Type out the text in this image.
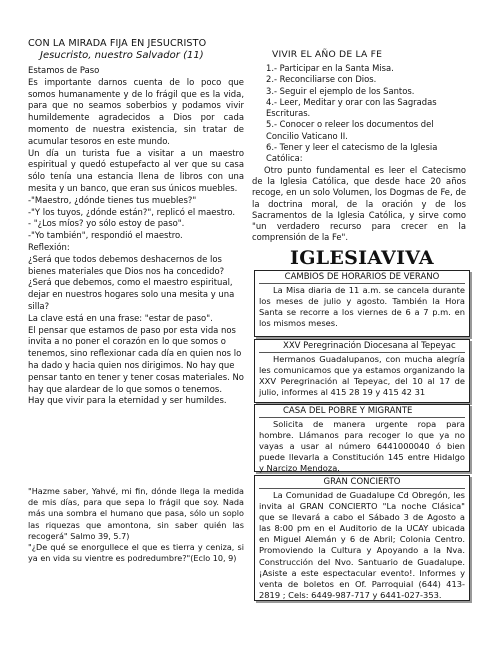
CON LA MIRADA FIJA EN JESUCRISTO
Jesucristo, nuestro Salvador (11)

Estamos de Paso

Es importante darnos cuenta de lo poco que somos humanamente y de lo frágil que es la vida, para que no seamos soberbios y podamos vivir humildemente agradecidos a Dios por cada momento de nuestra existencia, sin tratar de acumular tesoros en este mundo.

Un día un turista fue a visitar a un maestro espiritual y quedó estupefacto al ver que su casa sólo tenía una estancia llena de libros con una mesita y un banco, que eran sus únicos muebles.

-"Maestro, ¿dónde tienes tus muebles?"

-"Y los tuyos, ¿dónde están?", replicó el maestro.

- "¿Los míos? yo sólo estoy de paso".

-"Yo también", respondió el maestro.

Reflexión:

¿Será que todos debemos deshacernos de los bienes materiales que Dios nos ha concedido? ¿Será que debemos, como el maestro espiritual, dejar en nuestros hogares solo una mesita y una silla?

La clave está en una frase: "estar de paso".

El pensar que estamos de paso por esta vida nos invita a no poner el corazón en lo que somos o tenemos, sino reflexionar cada día en quien nos lo ha dado y hacia quien nos dirigimos. No hay que pensar tanto en tener y tener cosas materiales. No hay que alardear de lo que somos o tenemos.

Hay que vivir para la eternidad y ser humildes.

"Hazme saber, Yahvé, mi fin, dónde llega la medida de mis días, para que sepa lo frágil que soy. Nada más una sombra el humano que pasa, sólo un soplo las riquezas que amontona, sin saber quién las recogerá" Salmo 39, 5.7)

"¿De qué se enorgullece el que es tierra y ceniza, si ya en vida su vientre es podredumbre?"(Eclo 10, 9)

VIVIR EL AÑO DE LA FE

1.- Participar en la Santa Misa.

2.- Reconciliarse con Dios.

3.- Seguir el ejemplo de los Santos.

4.- Leer, Meditar y orar con las Sagradas Escrituras.

5.- Conocer o releer los documentos del Concilio Vaticano II.

6.- Tener y leer el catecismo de la Iglesia Católica:

Otro punto fundamental es leer el Catecismo de la Iglesia Católica, que desde hace 20 años recoge, en un solo Volumen, los Dogmas de Fe, de la doctrina moral, de la oración y de los Sacramentos de la Iglesia Católica, y sirve como "un verdadero recurso para crecer en la comprensión de la Fe".

IGLESIAVIVA
CAMBIOS DE HORARIOS DE VERANO
La Misa diaria de 11 a.m. se cancela durante los meses de julio y agosto. También la Hora Santa se recorre a los viernes de 6 a 7 p.m. en los mismos meses.
XXV Peregrinación Diocesana al Tepeyac
Hermanos Guadalupanos, con mucha alegría les comunicamos que ya estamos organizando la XXV Peregrinación al Tepeyac, del 10 al 17 de julio, informes al 415 28 19 y 415 42 31
CASA DEL POBRE Y MIGRANTE
Solicita de manera urgente ropa para hombre. Llámanos para recoger lo que ya no vayas a usar al número 6441000040 ó bien puede llevarla a Constitución 145 entre Hidalgo y Narcizo Mendoza.
GRAN CONCIERTO
La Comunidad de Guadalupe Cd Obregón, les invita al GRAN CONCIERTO "La noche Clásica" que se llevará a cabo el Sábado 3 de Agosto a las 8:00 pm en el Auditorio de la UCAY ubicada en Miguel Alemán y 6 de Abril; Colonia Centro. Promoviendo la Cultura y Apoyando a la Nva. Construcción del Nvo. Santuario de Guadalupe. ¡Asiste a este espectacular evento!. Informes y venta de boletos en Of. Parroquial (644) 413-2819 ; Cels: 6449-987-717 y 6441-027-353.
